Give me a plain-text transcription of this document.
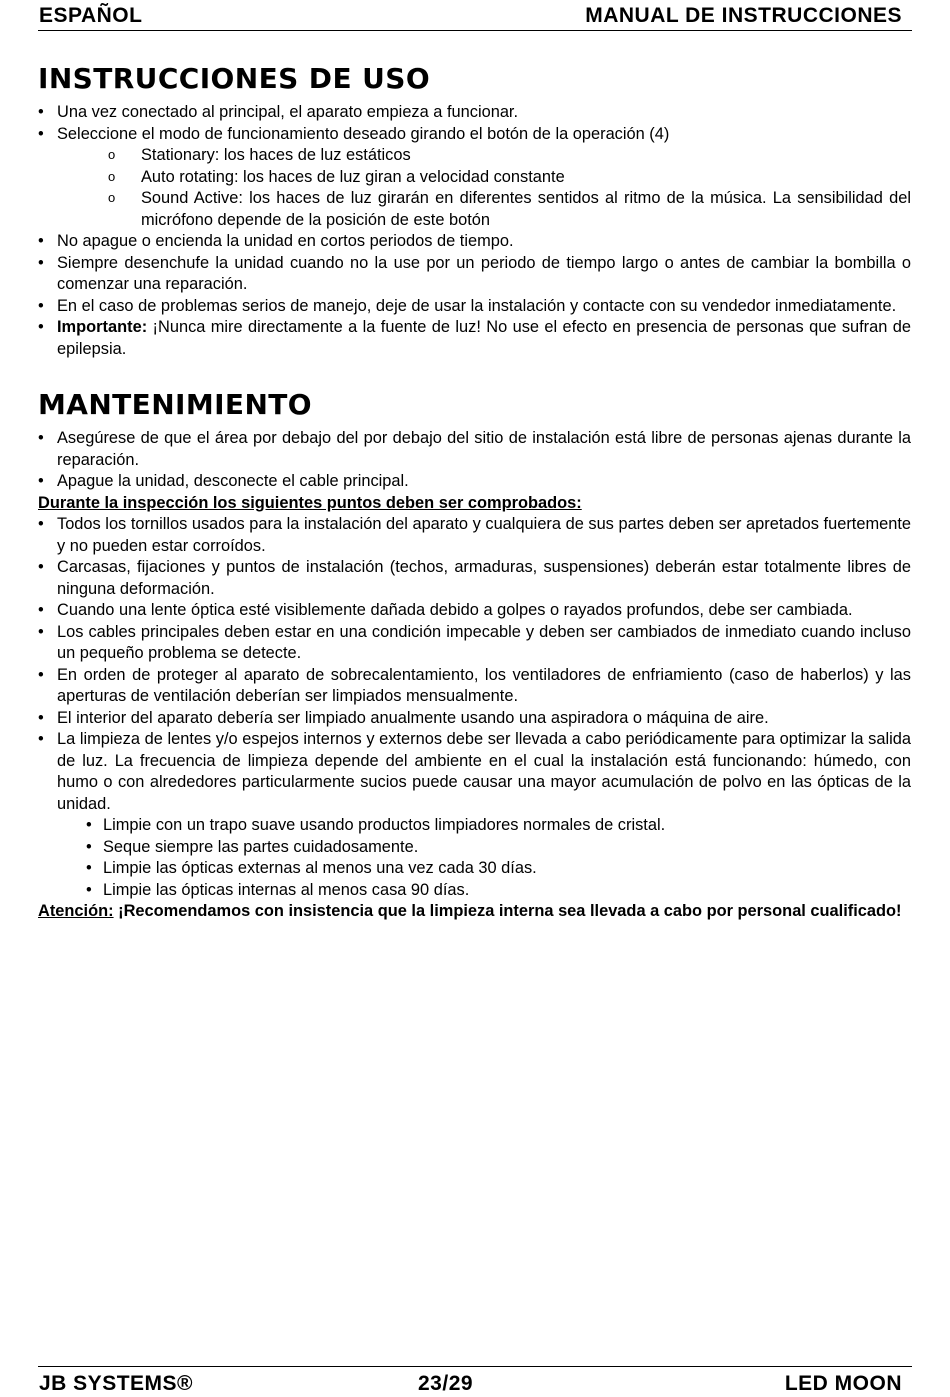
ESPAÑOL	MANUAL DE INSTRUCCIONES
INSTRUCCIONES DE USO
• Una vez conectado al principal, el aparato empieza a funcionar.
• Seleccione el modo de funcionamiento deseado girando el botón de la operación (4)
o Stationary: los haces de luz estáticos
o Auto rotating: los haces de luz giran a velocidad constante
o Sound Active: los haces de luz girarán en diferentes sentidos al ritmo de la música. La sensibilidad del micrófono depende de la posición de este botón
• No apague o encienda la unidad en cortos periodos de tiempo.
• Siempre desenchufe la unidad cuando no la use por un periodo de tiempo largo o antes de cambiar la bombilla o comenzar una reparación.
• En el caso de problemas serios de manejo, deje de usar la instalación y contacte con su vendedor inmediatamente.
• Importante: ¡Nunca mire directamente a la fuente de luz! No use el efecto en presencia de personas que sufran de epilepsia.
MANTENIMIENTO
• Asegúrese de que el área por debajo del por debajo del sitio de instalación está libre de personas ajenas durante la reparación.
• Apague la unidad, desconecte el cable principal.
Durante la inspección los siguientes puntos deben ser comprobados:
• Todos los tornillos usados para la instalación del aparato y cualquiera de sus partes deben ser apretados fuertemente y no pueden estar corroídos.
• Carcasas, fijaciones y puntos de instalación (techos, armaduras, suspensiones) deberán estar totalmente libres de ninguna deformación.
• Cuando una lente óptica esté visiblemente dañada debido a golpes o rayados profundos, debe ser cambiada.
• Los cables principales deben estar en una condición impecable y deben ser cambiados de inmediato cuando incluso un pequeño problema se detecte.
• En orden de proteger al aparato de sobrecalentamiento, los ventiladores de enfriamiento (caso de haberlos) y las aperturas de ventilación deberían ser limpiados mensualmente.
• El interior del aparato debería ser limpiado anualmente usando una aspiradora o máquina de aire.
• La limpieza de lentes y/o espejos internos y externos debe ser llevada a cabo periódicamente para optimizar la salida de luz. La frecuencia de limpieza depende del ambiente en el cual la instalación está funcionando: húmedo, con humo o con alrededores particularmente sucios puede causar una mayor acumulación de polvo en las ópticas de la unidad.
• Limpie con un trapo suave usando productos limpiadores normales de cristal.
• Seque siempre las partes cuidadosamente.
• Limpie las ópticas externas al menos una vez cada 30 días.
• Limpie las ópticas internas al menos casa 90 días.
Atención: ¡Recomendamos con insistencia que la limpieza interna sea llevada a cabo por personal cualificado!
JB SYSTEMS®	23/29	LED MOON
